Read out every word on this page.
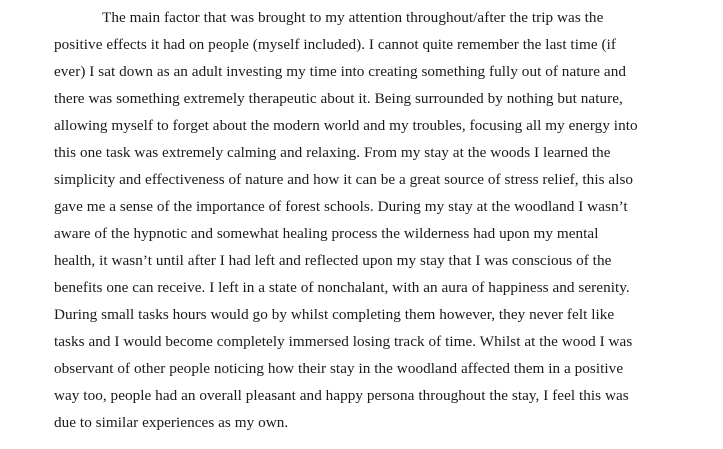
The main factor that was brought to my attention throughout/after the trip was the
positive effects it had on people (myself included). I cannot quite remember the last time (if
ever) I sat down as an adult investing my time into creating something fully out of nature and
there was something extremely therapeutic about it. Being surrounded by nothing but nature,
allowing myself to forget about the modern world and my troubles, focusing all my energy into
this one task was extremely calming and relaxing. From my stay at the woods I learned the
simplicity and effectiveness of nature and how it can be a great source of stress relief, this also
gave me a sense of the importance of forest schools. During my stay at the woodland I wasn’t
aware of the hypnotic and somewhat healing process the wilderness had upon my mental
health, it wasn’t until after I had left and reflected upon my stay that I was conscious of the
benefits one can receive. I left in a state of nonchalant, with an aura of happiness and serenity.
During small tasks hours would go by whilst completing them however, they never felt like
tasks and I would become completely immersed losing track of time. Whilst at the wood I was
observant of other people noticing how their stay in the woodland affected them in a positive
way too, people had an overall pleasant and happy persona throughout the stay, I feel this was
due to similar experiences as my own.
